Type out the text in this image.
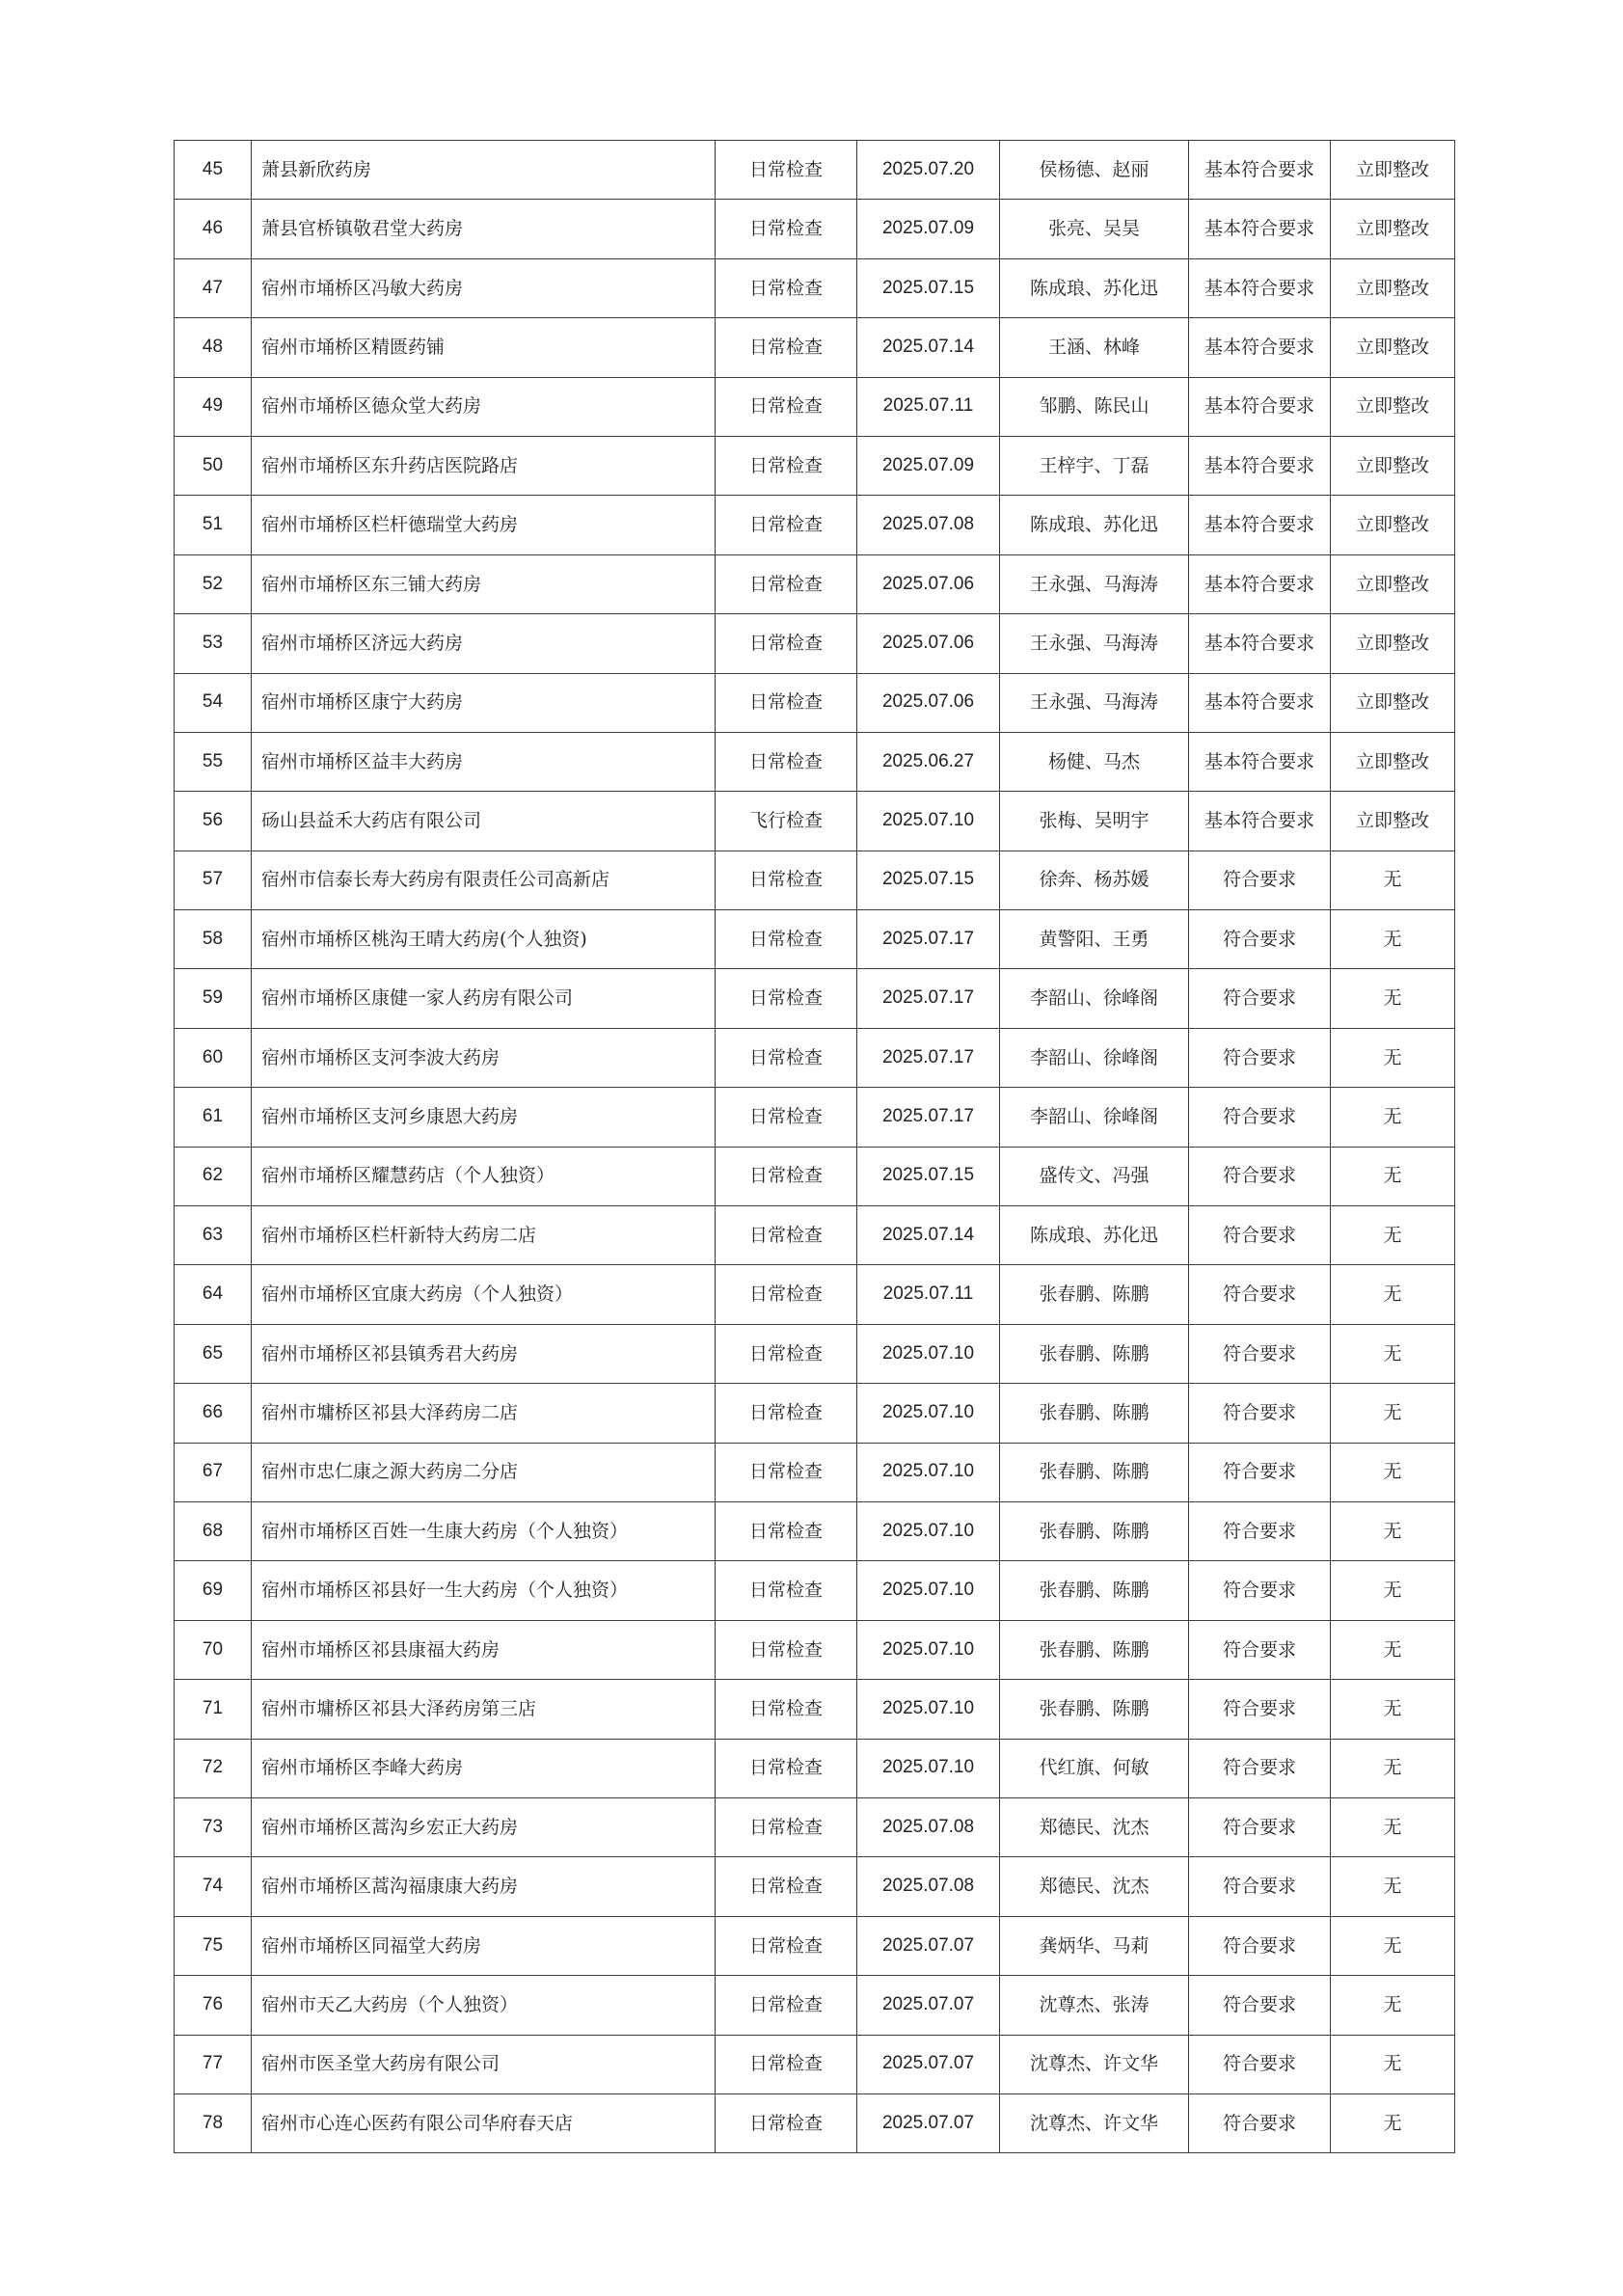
45	萧县新欣药房	日常检查	2025.07.20	侯杨德、赵丽	基本符合要求	立即整改
46	萧县官桥镇敬君堂大药房	日常检查	2025.07.09	张亮、吴昊	基本符合要求	立即整改
47	宿州市埇桥区冯敏大药房	日常检查	2025.07.15	陈成琅、苏化迅	基本符合要求	立即整改
48	宿州市埇桥区精匮药铺	日常检查	2025.07.14	王涵、林峰	基本符合要求	立即整改
49	宿州市埇桥区德众堂大药房	日常检查	2025.07.11	邹鹏、陈民山	基本符合要求	立即整改
50	宿州市埇桥区东升药店医院路店	日常检查	2025.07.09	王梓宇、丁磊	基本符合要求	立即整改
51	宿州市埇桥区栏杆德瑞堂大药房	日常检查	2025.07.08	陈成琅、苏化迅	基本符合要求	立即整改
52	宿州市埇桥区东三铺大药房	日常检查	2025.07.06	王永强、马海涛	基本符合要求	立即整改
53	宿州市埇桥区济远大药房	日常检查	2025.07.06	王永强、马海涛	基本符合要求	立即整改
54	宿州市埇桥区康宁大药房	日常检查	2025.07.06	王永强、马海涛	基本符合要求	立即整改
55	宿州市埇桥区益丰大药房	日常检查	2025.06.27	杨健、马杰	基本符合要求	立即整改
56	砀山县益禾大药店有限公司	飞行检查	2025.07.10	张梅、吴明宇	基本符合要求	立即整改
57	宿州市信泰长寿大药房有限责任公司高新店	日常检查	2025.07.15	徐奔、杨苏媛	符合要求	无
58	宿州市埇桥区桃沟王晴大药房(个人独资)	日常检查	2025.07.17	黄警阳、王勇	符合要求	无
59	宿州市埇桥区康健一家人药房有限公司	日常检查	2025.07.17	李韶山、徐峰阁	符合要求	无
60	宿州市埇桥区支河李波大药房	日常检查	2025.07.17	李韶山、徐峰阁	符合要求	无
61	宿州市埇桥区支河乡康恩大药房	日常检查	2025.07.17	李韶山、徐峰阁	符合要求	无
62	宿州市埇桥区耀慧药店（个人独资）	日常检查	2025.07.15	盛传文、冯强	符合要求	无
63	宿州市埇桥区栏杆新特大药房二店	日常检查	2025.07.14	陈成琅、苏化迅	符合要求	无
64	宿州市埇桥区宜康大药房（个人独资）	日常检查	2025.07.11	张春鹏、陈鹏	符合要求	无
65	宿州市埇桥区祁县镇秀君大药房	日常检查	2025.07.10	张春鹏、陈鹏	符合要求	无
66	宿州市墉桥区祁县大泽药房二店	日常检查	2025.07.10	张春鹏、陈鹏	符合要求	无
67	宿州市忠仁康之源大药房二分店	日常检查	2025.07.10	张春鹏、陈鹏	符合要求	无
68	宿州市埇桥区百姓一生康大药房（个人独资）	日常检查	2025.07.10	张春鹏、陈鹏	符合要求	无
69	宿州市埇桥区祁县好一生大药房（个人独资）	日常检查	2025.07.10	张春鹏、陈鹏	符合要求	无
70	宿州市埇桥区祁县康福大药房	日常检查	2025.07.10	张春鹏、陈鹏	符合要求	无
71	宿州市墉桥区祁县大泽药房第三店	日常检查	2025.07.10	张春鹏、陈鹏	符合要求	无
72	宿州市埇桥区李峰大药房	日常检查	2025.07.10	代红旗、何敏	符合要求	无
73	宿州市埇桥区蒿沟乡宏正大药房	日常检查	2025.07.08	郑德民、沈杰	符合要求	无
74	宿州市埇桥区蒿沟福康康大药房	日常检查	2025.07.08	郑德民、沈杰	符合要求	无
75	宿州市埇桥区同福堂大药房	日常检查	2025.07.07	龚炳华、马莉	符合要求	无
76	宿州市天乙大药房（个人独资）	日常检查	2025.07.07	沈尊杰、张涛	符合要求	无
77	宿州市医圣堂大药房有限公司	日常检查	2025.07.07	沈尊杰、许文华	符合要求	无
78	宿州市心连心医药有限公司华府春天店	日常检查	2025.07.07	沈尊杰、许文华	符合要求	无
